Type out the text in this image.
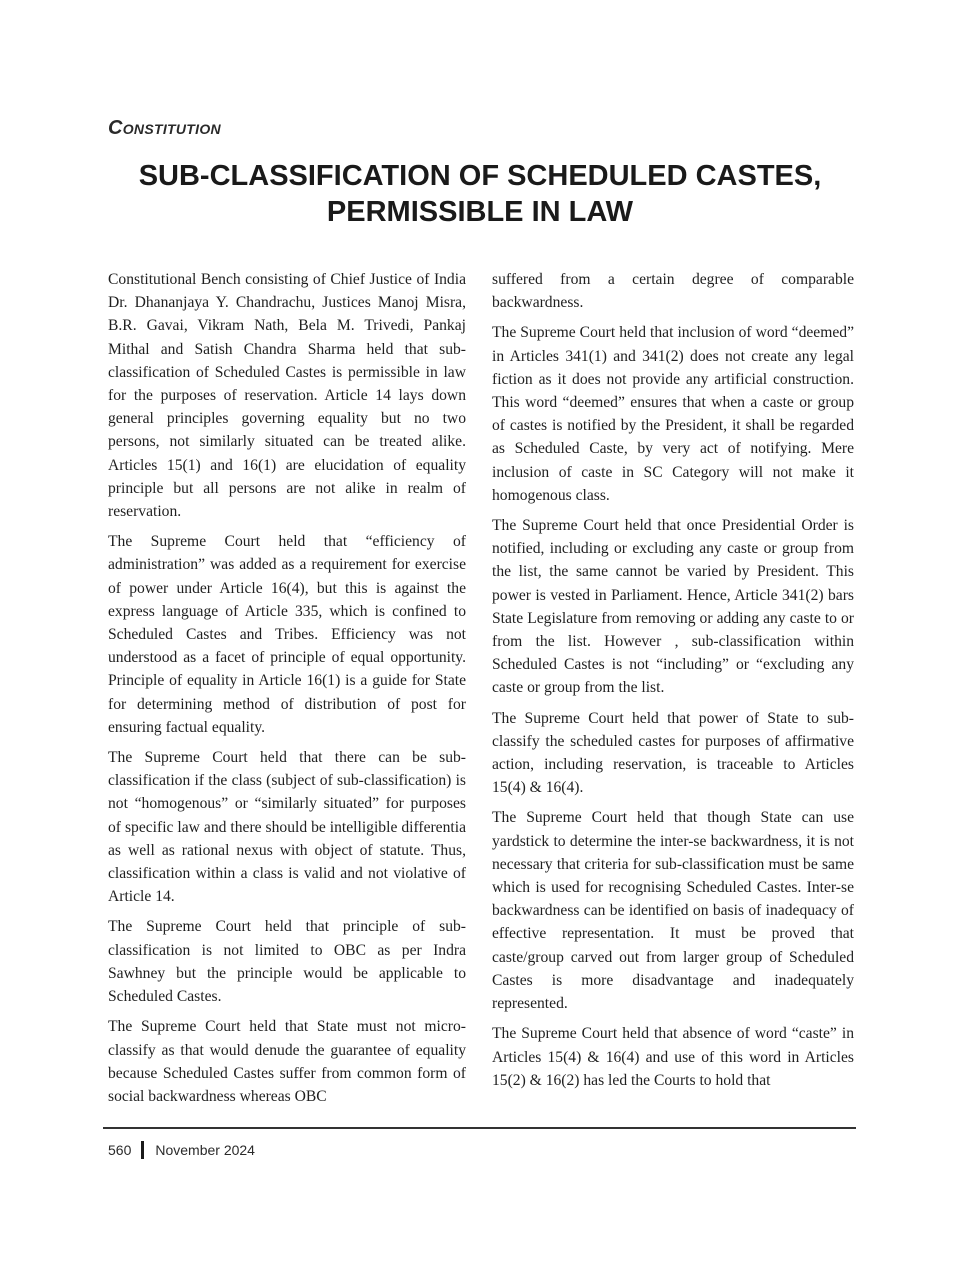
Constitution
SUB-CLASSIFICATION OF SCHEDULED CASTES,
PERMISSIBLE IN LAW

Constitutional Bench consisting of Chief Justice of India Dr. Dhananjaya Y. Chandrachu, Justices Manoj Misra, B.R. Gavai, Vikram Nath, Bela M. Trivedi, Pankaj Mithal and Satish Chandra Sharma held that sub-classification of Scheduled Castes is permissible in law for the purposes of reservation. Article 14 lays down general principles governing equality but no two persons, not similarly situated can be treated alike. Articles 15(1) and 16(1) are elucidation of equality principle but all persons are not alike in realm of reservation.

The Supreme Court held that “efficiency of administration” was added as a requirement for exercise of power under Article 16(4), but this is against the express language of Article 335, which is confined to Scheduled Castes and Tribes. Efficiency was not understood as a facet of principle of equal opportunity. Principle of equality in Article 16(1) is a guide for State for determining method of distribution of post for ensuring factual equality.

The Supreme Court held that there can be sub-classification if the class (subject of sub-classification) is not “homogenous” or “similarly situated” for purposes of specific law and there should be intelligible differentia as well as rational nexus with object of statute. Thus, classification within a class is valid and not violative of Article 14.

The Supreme Court held that principle of sub-classification is not limited to OBC as per Indra Sawhney but the principle would be applicable to Scheduled Castes.

The Supreme Court held that State must not micro-classify as that would denude the guarantee of equality because Scheduled Castes suffer from common form of social backwardness whereas OBC

suffered from a certain degree of comparable backwardness.

The Supreme Court held that inclusion of word “deemed” in Articles 341(1) and 341(2) does not create any legal fiction as it does not provide any artificial construction. This word “deemed” ensures that when a caste or group of castes is notified by the President, it shall be regarded as Scheduled Caste, by very act of notifying. Mere inclusion of caste in SC Category will not make it homogenous class.

The Supreme Court held that once Presidential Order is notified, including or excluding any caste or group from the list, the same cannot be varied by President. This power is vested in Parliament. Hence, Article 341(2) bars State Legislature from removing or adding any caste to or from the list. However , sub-classification within Scheduled Castes is not “including” or “excluding any caste or group from the list.

The Supreme Court held that power of State to sub-classify the scheduled castes for purposes of affirmative action, including reservation, is traceable to Articles 15(4) & 16(4).

The Supreme Court held that though State can use yardstick to determine the inter-se backwardness, it is not necessary that criteria for sub-classification must be same which is used for recognising Scheduled Castes. Inter-se backwardness can be identified on basis of inadequacy of effective representation. It must be proved that caste/group carved out from larger group of Scheduled Castes is more disadvantage and inadequately represented.

The Supreme Court held that absence of word “caste” in Articles 15(4) & 16(4) and use of this word in Articles 15(2) & 16(2) has led the Courts to hold that

560 November 2024
